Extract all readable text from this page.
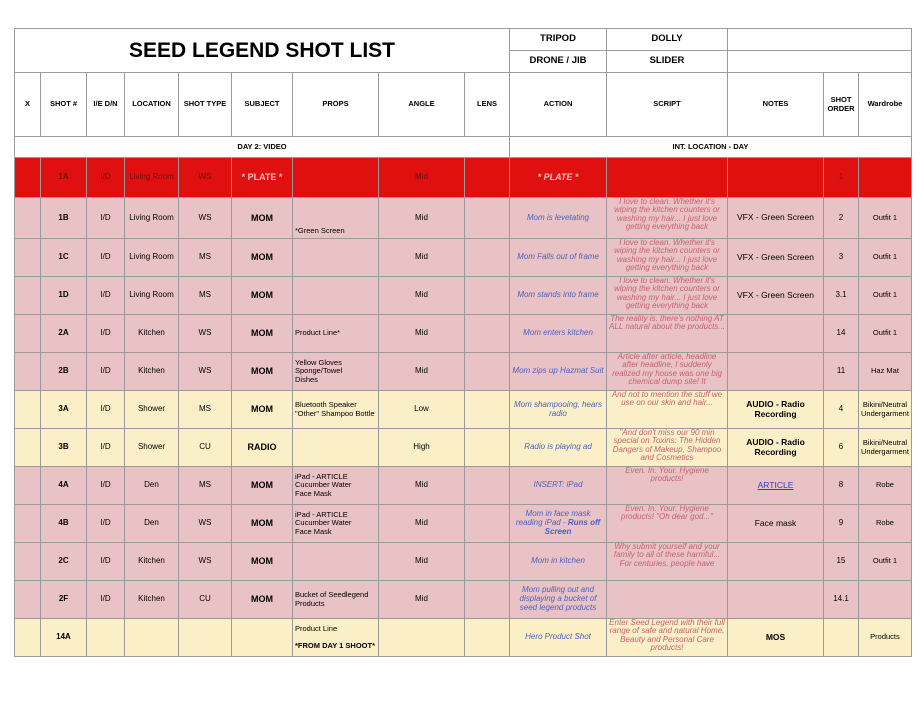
SEED LEGEND SHOT LIST									TRIPOD	DOLLY			
									DRONE / JIB	SLIDER			
X	SHOT #	I/E D/N	LOCATION	SHOT TYPE	SUBJECT	PROPS	ANGLE	LENS	ACTION	SCRIPT	NOTES	SHOT ORDER	Wardrobe
DAY 2: VIDEO									INT. LOCATION - DAY				
	1A	I/D	Living Room	WS	* PLATE *		Mid		* PLATE *			1	
	1B	I/D	Living Room	WS	MOM	*Green Screen	Mid		Mom is levetating	I love to clean. Whether it's wiping the kitchen counters or washing my hair... I just love getting everything back	VFX - Green Screen	2	Outfit 1
	1C	I/D	Living Room	MS	MOM		Mid		Mom Falls out of frame	I love to clean. Whether it's wiping the kitchen counters or washing my hair... I just love getting everything back	VFX - Green Screen	3	Outfit 1
	1D	I/D	Living Room	MS	MOM		Mid		Mom stands into frame	I love to clean. Whether it's wiping the kitchen counters or washing my hair... I just love getting everything back	VFX - Green Screen	3.1	Outfit 1
	2A	I/D	Kitchen	WS	MOM	Product Line*	Mid		Mom enters kitchen	The reality is, there's nothing AT ALL natural about the products...		14	Outfit 1
	2B	I/D	Kitchen	WS	MOM	Yellow Gloves
Sponge/Towel
Dishes	Mid		Mom zips up Hazmat Suit	Article after article, headline after headline, I suddenly realized my house was one big chemical dump site! It		11	Haz Mat
	3A	I/D	Shower	MS	MOM	Bluetooth Speaker
"Other" Shampoo Bottle	Low		Mom shampooing, hears radio	And not to mention the stuff we use on our skin and hair...	AUDIO - Radio Recording	4	Bikini/Neutral Undergarment
	3B	I/D	Shower	CU	RADIO		High		Radio is playing ad	"And don't miss our 90 min special on Toxins: The Hidden Dangers of Makeup, Shampoo and Cosmetics	AUDIO - Radio Recording	6	Bikini/Neutral Undergarment
	4A	I/D	Den	MS	MOM	iPad - ARTICLE
Cucumber Water
Face Mask	Mid		INSERT: iPad	Even. In. Your. Hygiene products!	ARTICLE	8	Robe
	4B	I/D	Den	WS	MOM	iPad - ARTICLE
Cucumber Water
Face Mask	Mid		Mom in face mask reading iPad - Runs off Screen	Even. In. Your. Hygiene products! "Oh dear god..."	Face mask	9	Robe
	2C	I/D	Kitchen	WS	MOM		Mid		Mom in kitchen	Why submit yourself and your family to all of these harmful... For centuries, people have		15	Outfit 1
	2F	I/D	Kitchen	CU	MOM	Bucket of Seedlegend Products	Mid		Mom pulling out and displaying a bucket of seed legend products			14.1	
	14A					Product Line

*FROM DAY 1 SHOOT*			Hero Product Shot	Enter Seed Legend with their full range of safe and natural Home, Beauty and Personal Care products!	MOS		Products
